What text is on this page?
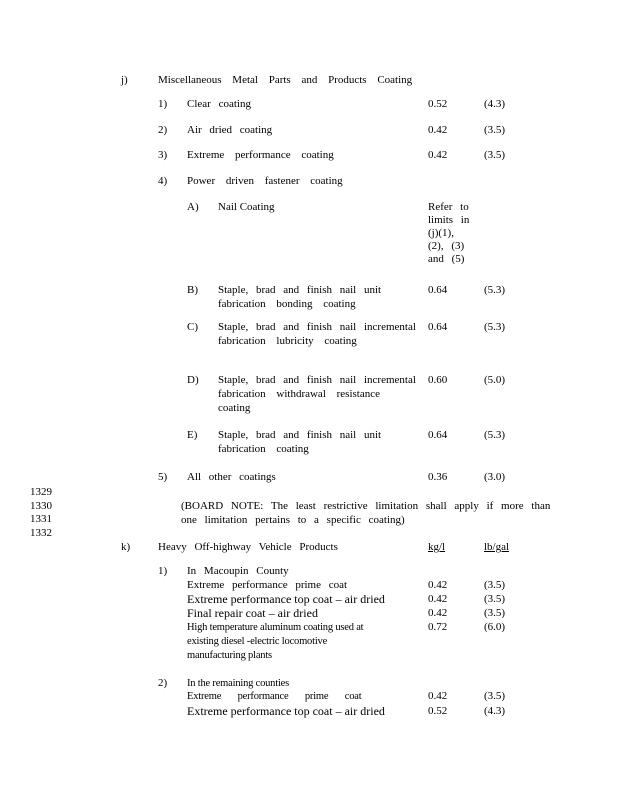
j)	Miscellaneous Metal Parts and Products Coating
1) Clear coating	0.52	(4.3)
2) Air dried coating	0.42	(3.5)
3) Extreme performance coating	0.42	(3.5)
4) Power driven fastener coating
A) Nail Coating	Refer to
limits in
(j)(1),
(2), (3)
and (5)
B) Staple, brad and finish nail unit
fabrication bonding coating
0.64	(5.3)
C) Staple, brad and finish nail incremental
fabrication lubricity coating
0.64	(5.3)
D) Staple, brad and finish nail incremental
fabrication withdrawal resistance
coating
0.60	(5.0)
E) Staple, brad and finish nail unit
fabrication coating
0.64	(5.3)
5) All other coatings	0.36	(3.0)
1329
1330
1331
1332
(BOARD NOTE: The least restrictive limitation shall apply if more than
one limitation pertains to a specific coating)
k)	Heavy Off-highway Vehicle Products	kg/l	lb/gal
1) In Macoupin County
Extreme performance prime coat	0.42	(3.5)
Extreme performance top coat – air dried	0.42	(3.5)
Final repair coat – air dried	0.42	(3.5)
High temperature aluminum coating used at	0.72	(6.0)
existing diesel -electric locomotive
manufacturing plants
2) In the remaining counties
Extreme performance prime coat	0.42	(3.5)
Extreme performance top coat – air dried	0.52	(4.3)
